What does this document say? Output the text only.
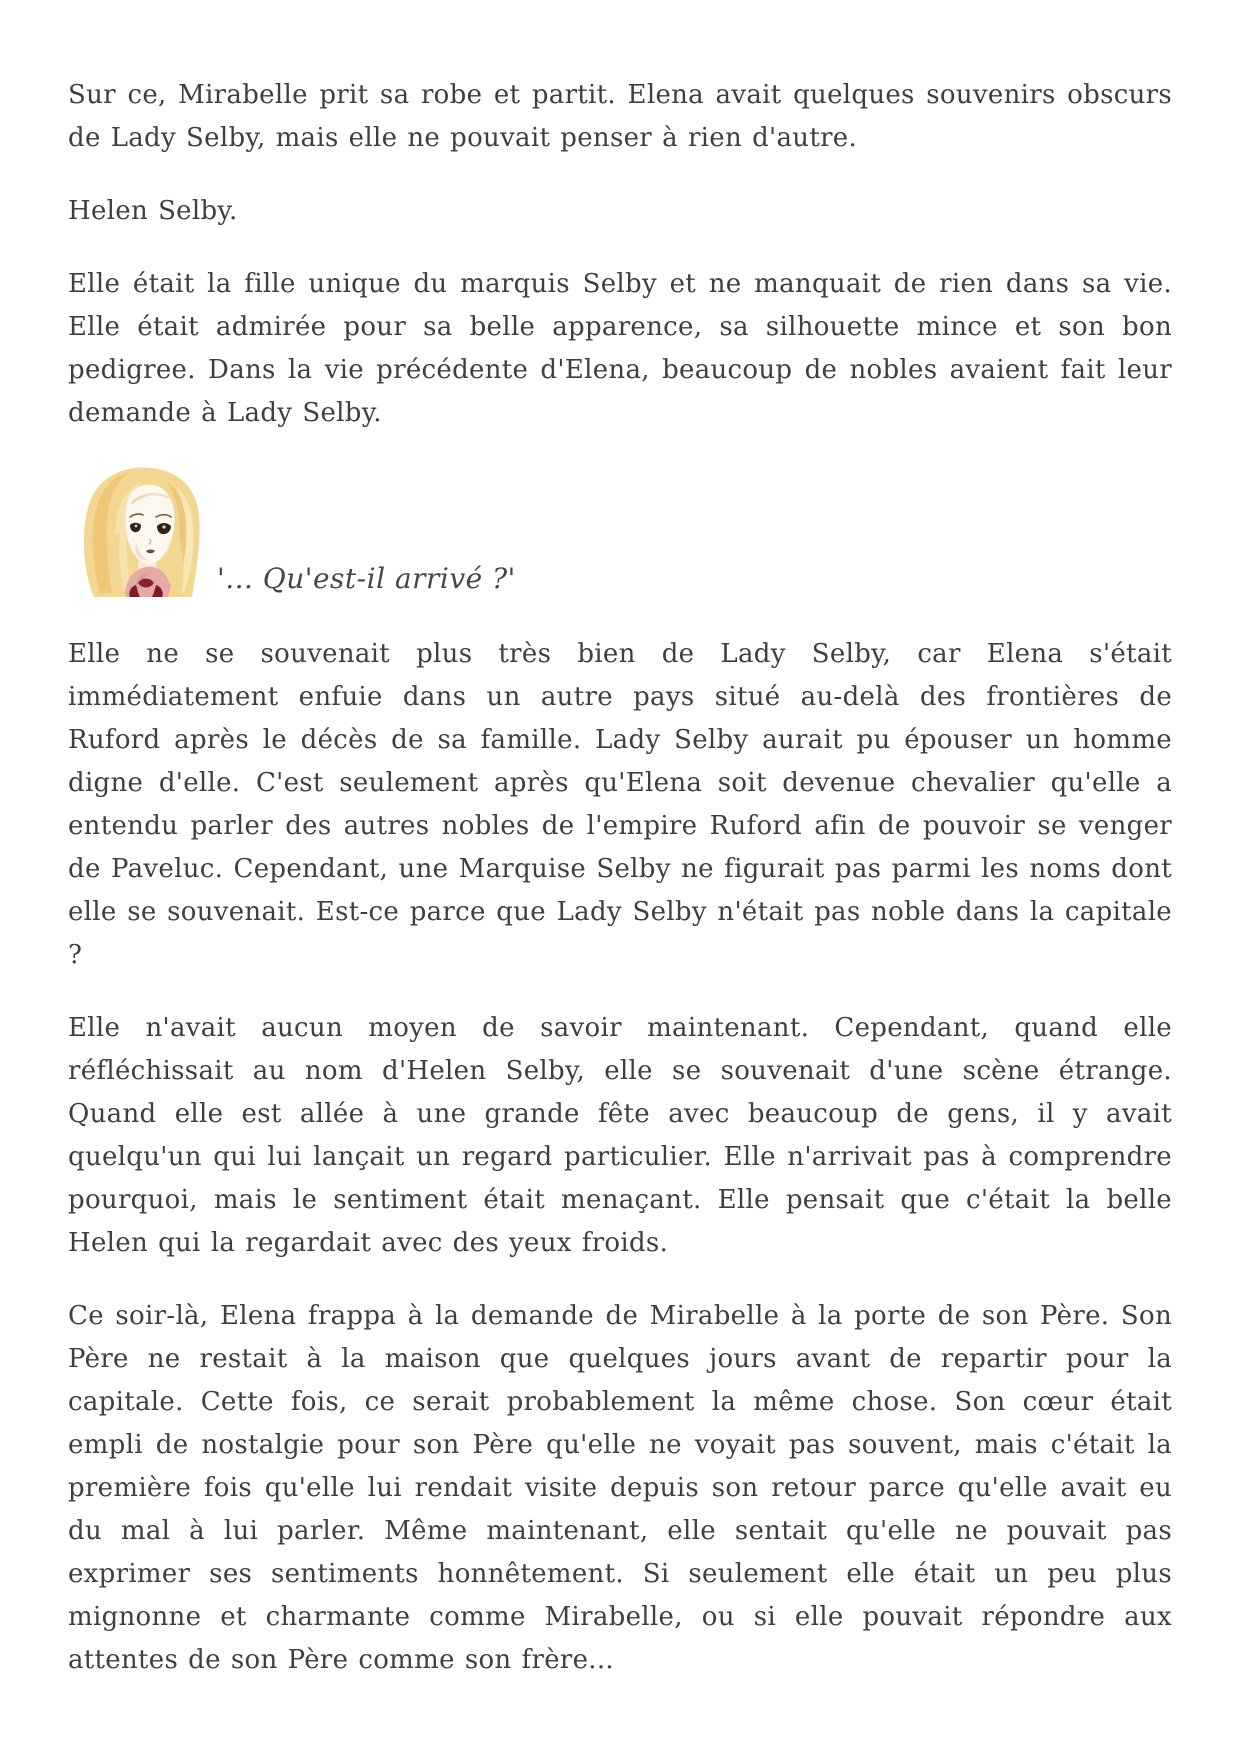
Sur ce, Mirabelle prit sa robe et partit. Elena avait quelques souvenirs obscurs de Lady Selby, mais elle ne pouvait penser à rien d'autre.

Helen Selby.

Elle était la fille unique du marquis Selby et ne manquait de rien dans sa vie. Elle était admirée pour sa belle apparence, sa silhouette mince et son bon pedigree. Dans la vie précédente d'Elena, beaucoup de nobles avaient fait leur demande à Lady Selby.

'... Qu'est-il arrivé ?'

Elle ne se souvenait plus très bien de Lady Selby, car Elena s'était immédiatement enfuie dans un autre pays situé au-delà des frontières de Ruford après le décès de sa famille. Lady Selby aurait pu épouser un homme digne d'elle. C'est seulement après qu'Elena soit devenue chevalier qu'elle a entendu parler des autres nobles de l'empire Ruford afin de pouvoir se venger de Paveluc. Cependant, une Marquise Selby ne figurait pas parmi les noms dont elle se souvenait. Est-ce parce que Lady Selby n'était pas noble dans la capitale ?

Elle n'avait aucun moyen de savoir maintenant. Cependant, quand elle réfléchissait au nom d'Helen Selby, elle se souvenait d'une scène étrange. Quand elle est allée à une grande fête avec beaucoup de gens, il y avait quelqu'un qui lui lançait un regard particulier. Elle n'arrivait pas à comprendre pourquoi, mais le sentiment était menaçant. Elle pensait que c'était la belle Helen qui la regardait avec des yeux froids.

Ce soir-là, Elena frappa à la demande de Mirabelle à la porte de son Père. Son Père ne restait à la maison que quelques jours avant de repartir pour la capitale. Cette fois, ce serait probablement la même chose. Son cœur était empli de nostalgie pour son Père qu'elle ne voyait pas souvent, mais c'était la première fois qu'elle lui rendait visite depuis son retour parce qu'elle avait eu du mal à lui parler. Même maintenant, elle sentait qu'elle ne pouvait pas exprimer ses sentiments honnêtement. Si seulement elle était un peu plus mignonne et charmante comme Mirabelle, ou si elle pouvait répondre aux attentes de son Père comme son frère...
